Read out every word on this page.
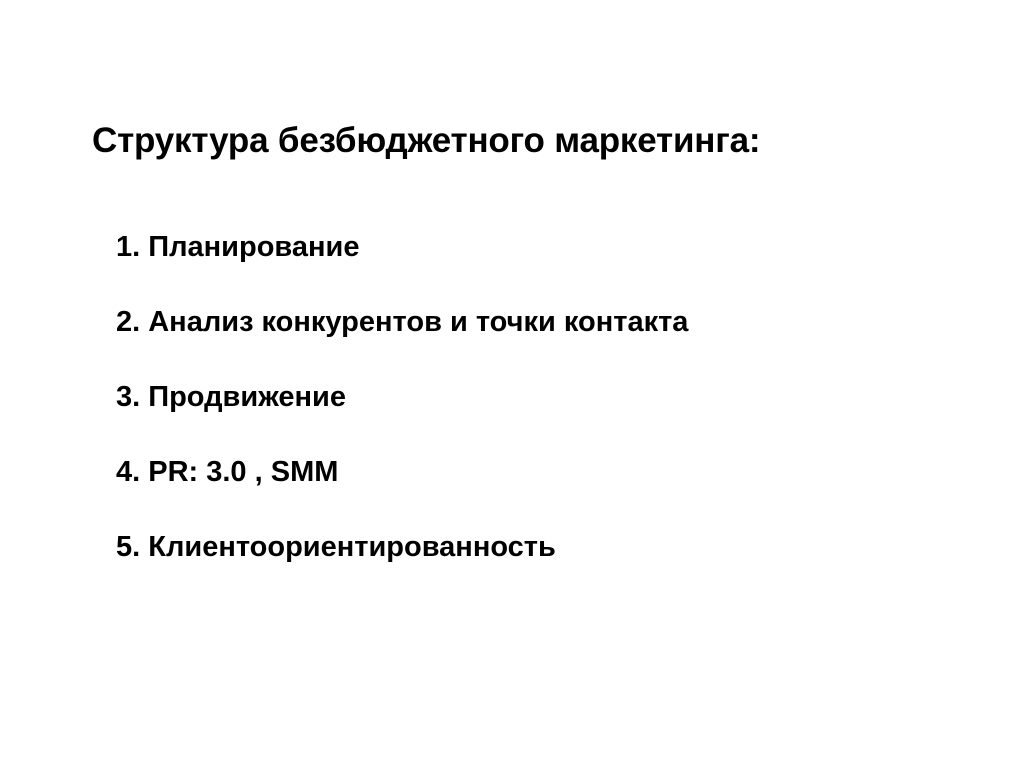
Структура безбюджетного маркетинга:
1. Планирование
2. Анализ конкурентов и точки контакта
3. Продвижение
4. PR: 3.0 , SMM
5. Клиентоориентированность
